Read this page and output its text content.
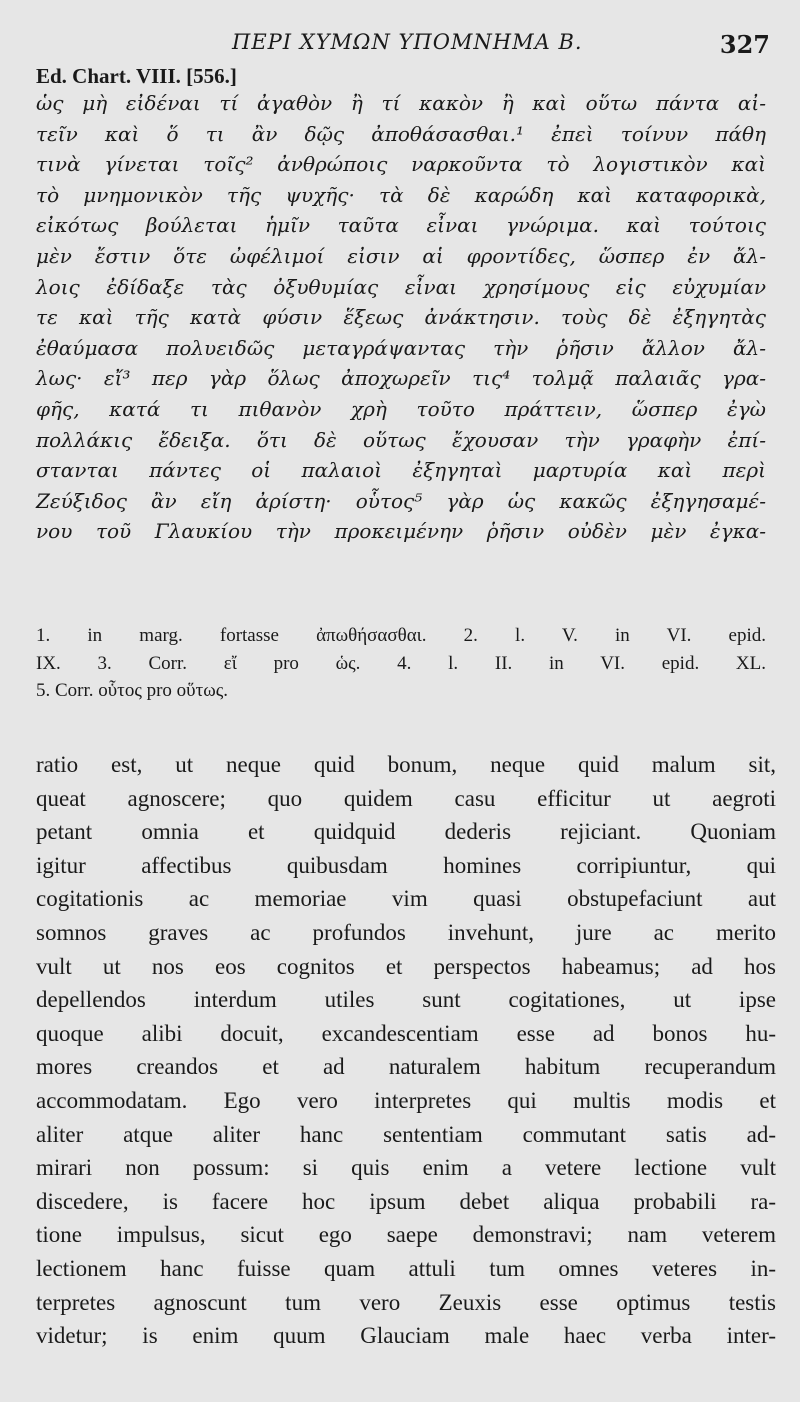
ΠΕΡΙ ΧΥΜΩΝ ΥΠΟΜΝΗΜΑ Β.	327
Ed. Chart. VIII. [556.]
ὡς μὴ εἰδέναι τί ἀγαθὸν ἢ τί κακὸν ἢ καὶ οὕτω πάντα αἰ-
τεῖν καὶ ὅ τι ἂν δῷς ἀποθάσασθαι.¹ ἐπεὶ τοίνυν πάθη
τινὰ γίνεται τοῖς² ἀνθρώποις ναρκοῦντα τὸ λογιστικὸν καὶ
τὸ μνημονικὸν τῆς ψυχῆς· τὰ δὲ καρώδη καὶ καταφορικὰ,
εἰκότως βούλεται ἡμῖν ταῦτα εἶναι γνώριμα. καὶ τούτοις
μὲν ἔστιν ὅτε ὠφέλιμοί εἰσιν αἱ φροντίδες, ὥσπερ ἐν ἄλ-
λοις ἐδίδαξε τὰς ὀξυθυμίας εἶναι χρησίμους εἰς εὐχυμίαν
τε καὶ τῆς κατὰ φύσιν ἕξεως ἀνάκτησιν. τοὺς δὲ ἐξηγητὰς
ἐθαύμασα πολυειδῶς μεταγράψαντας τὴν ῥῆσιν ἄλλον ἄλ-
λως· εἴ³ περ γὰρ ὅλως ἀποχωρεῖν τις⁴ τολμᾷ παλαιᾶς γρα-
φῆς, κατά τι πιθανὸν χρὴ τοῦτο πράττειν, ὥσπερ ἐγὼ
πολλάκις ἔδειξα. ὅτι δὲ οὕτως ἔχουσαν τὴν γραφὴν ἐπί-
στανται πάντες οἱ παλαιοὶ ἐξηγηταὶ μαρτυρία καὶ περὶ
Ζεύξιδος ἂν εἴη ἀρίστη· οὗτος⁵ γὰρ ὡς κακῶς ἐξηγησαμέ-
νου τοῦ Γλαυκίου τὴν προκειμένην ῥῆσιν οὐδὲν μὲν ἐγκα-
1. in marg. fortasse ἀπωθήσασθαι. 2. l. V. in VI. epid.
IX. 3. Corr. εἴ pro ὡς. 4. l. II. in VI. epid. XL.
5. Corr. οὗτος pro οὕτως.
ratio est, ut neque quid bonum, neque quid malum sit,
queat agnoscere; quo quidem casu efficitur ut aegroti
petant omnia et quidquid dederis rejiciant. Quoniam
igitur affectibus quibusdam homines corripiuntur, qui
cogitationis ac memoriae vim quasi obstupefaciunt aut
somnos graves ac profundos invehunt, jure ac merito
vult ut nos eos cognitos et perspectos habeamus; ad hos
depellendos interdum utiles sunt cogitationes, ut ipse
quoque alibi docuit, excandescentiam esse ad bonos hu-
mores creandos et ad naturalem habitum recuperandum
accommodatam. Ego vero interpretes qui multis modis et
aliter atque aliter hanc sententiam commutant satis ad-
mirari non possum: si quis enim a vetere lectione vult
discedere, is facere hoc ipsum debet aliqua probabili ra-
tione impulsus, sicut ego saepe demonstravi; nam veterem
lectionem hanc fuisse quam attuli tum omnes veteres in-
terpretes agnoscunt tum vero Zeuxis esse optimus testis
videtur; is enim quum Glauciam male haec verba inter-
